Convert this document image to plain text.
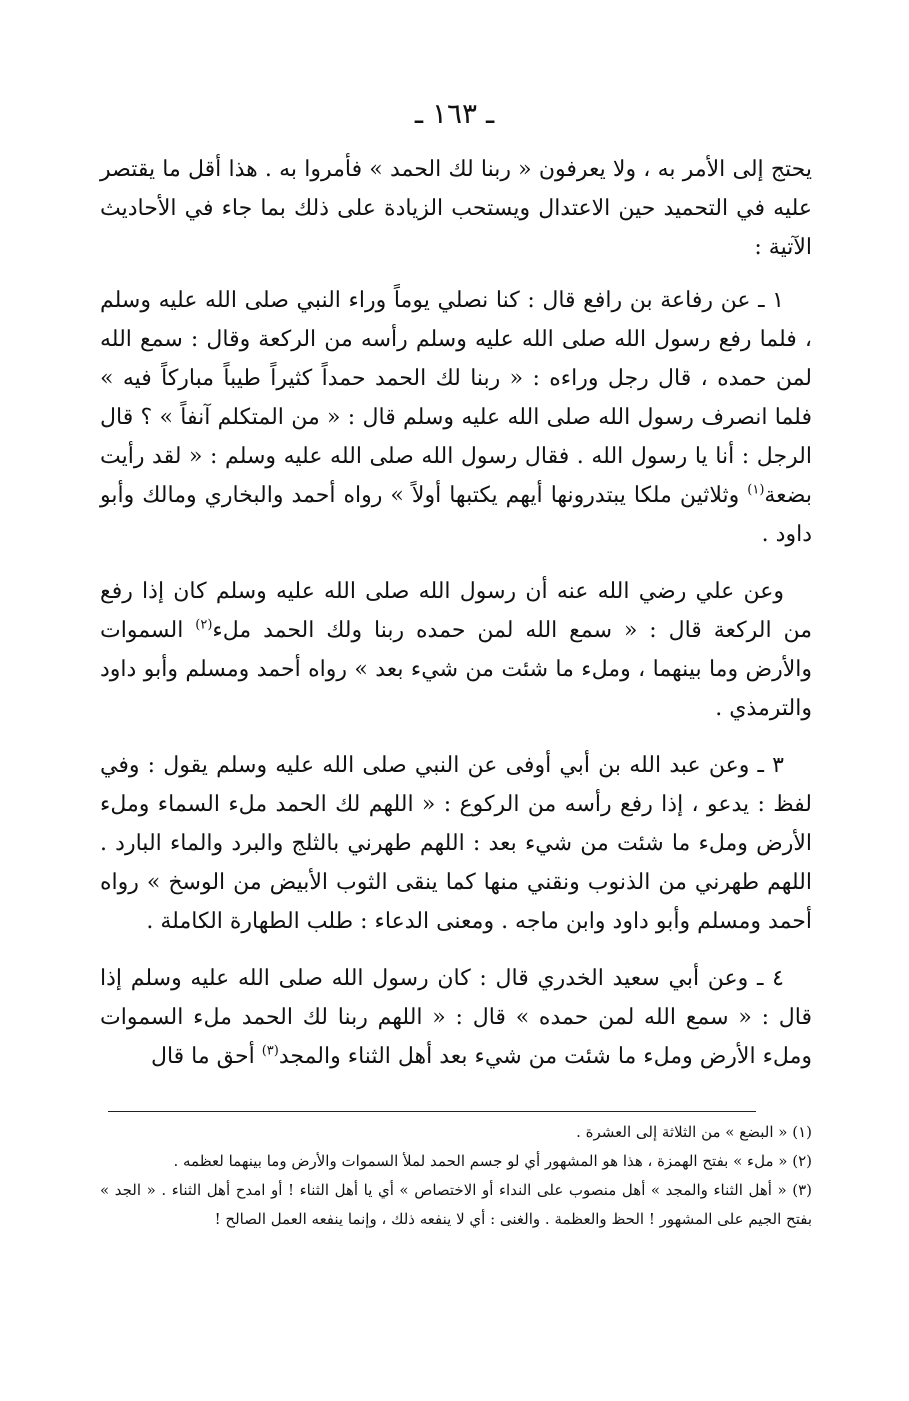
ـ ١٦٣ ـ

يحتج إلى الأمر به ، ولا يعرفون « ربنا لك الحمد » فأمروا به . هذا أقل ما يقتصر عليه في التحميد حين الاعتدال ويستحب الزيادة على ذلك بما جاء في الأحاديث الآتية :

١ ـ عن رفاعة بن رافع قال : كنا نصلي يوماً وراء النبي صلى الله عليه وسلم ، فلما رفع رسول الله صلى الله عليه وسلم رأسه من الركعة وقال : سمع الله لمن حمده ، قال رجل وراءه : « ربنا لك الحمد حمداً كثيراً طيباً مباركاً فيه » فلما انصرف رسول الله صلى الله عليه وسلم قال : « من المتكلم آنفاً » ؟ قال الرجل : أنا يا رسول الله . فقال رسول الله صلى الله عليه وسلم : « لقد رأيت بضعة$^{(١)}$ وثلاثين ملكا يبتدرونها أيهم يكتبها أولاً » رواه أحمد والبخاري ومالك وأبو داود .

وعن علي رضي الله عنه أن رسول الله صلى الله عليه وسلم كان إذا رفع من الركعة قال : « سمع الله لمن حمده ربنا ولك الحمد ملء$^{(٢)}$ السموات والأرض وما بينهما ، وملء ما شئت من شيء بعد » رواه أحمد ومسلم وأبو داود والترمذي .

٣ ـ وعن عبد الله بن أبي أوفى عن النبي صلى الله عليه وسلم يقول : وفي لفظ : يدعو ، إذا رفع رأسه من الركوع : « اللهم لك الحمد ملء السماء وملء الأرض وملء ما شئت من شيء بعد : اللهم طهرني بالثلج والبرد والماء البارد . اللهم طهرني من الذنوب ونقني منها كما ينقى الثوب الأبيض من الوسخ » رواه أحمد ومسلم وأبو داود وابن ماجه . ومعنى الدعاء : طلب الطهارة الكاملة .

٤ ـ وعن أبي سعيد الخدري قال : كان رسول الله صلى الله عليه وسلم إذا قال : « سمع الله لمن حمده » قال : « اللهم ربنا لك الحمد ملء السموات وملء الأرض وملء ما شئت من شيء بعد أهل الثناء والمجد$^{(٣)}$ أحق ما قال

(١) « البضع » من الثلاثة إلى العشرة .

(٢) « ملء » بفتح الهمزة ، هذا هو المشهور أي لو جسم الحمد لملأ السموات والأرض وما بينهما لعظمه .

(٣) « أهل الثناء والمجد » أهل منصوب على النداء أو الاختصاص » أي يا أهل الثناء ! أو امدح أهل الثناء . « الجد » بفتح الجيم على المشهور ! الحظ والعظمة . والغنى : أي لا ينفعه ذلك ، وإنما ينفعه العمل الصالح !
